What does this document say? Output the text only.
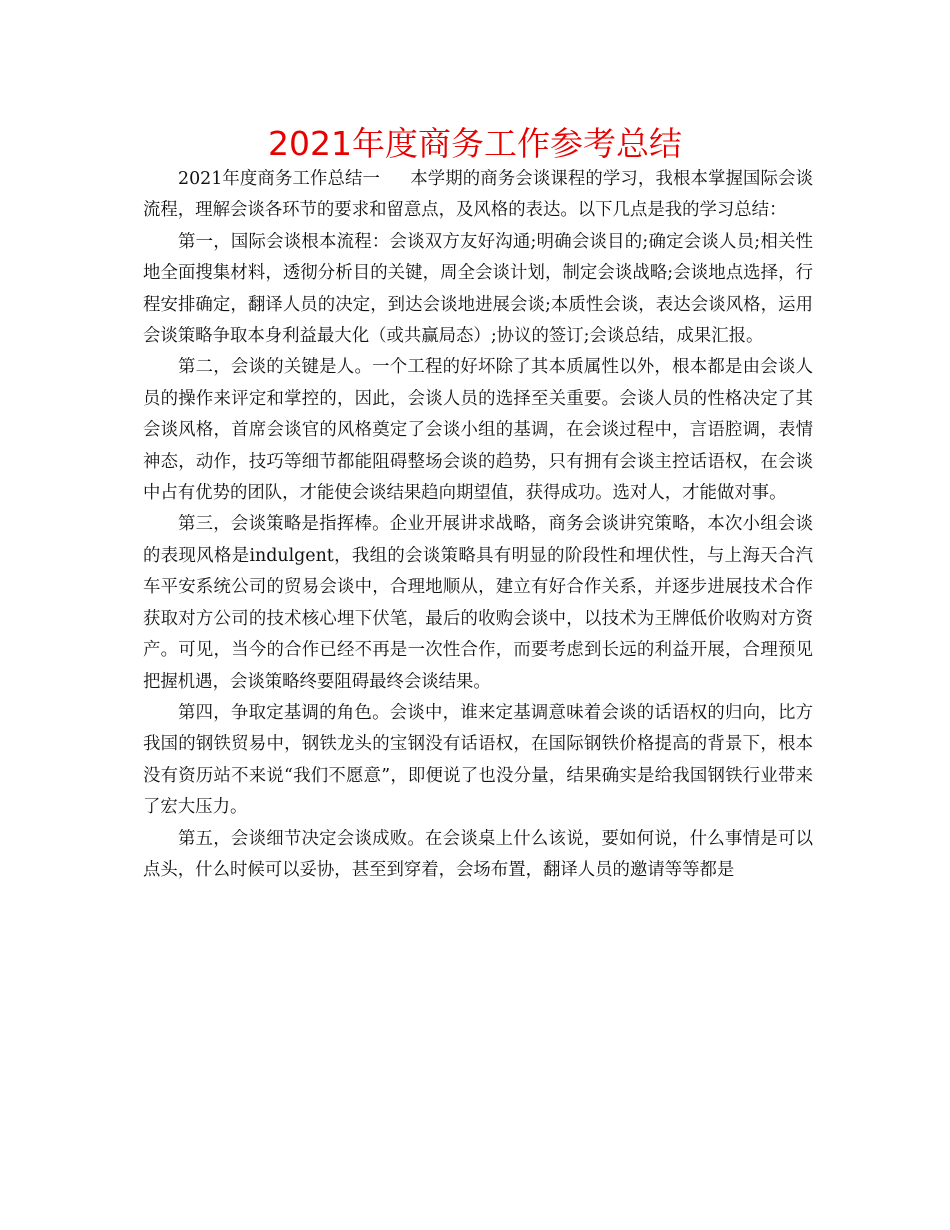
2021年度商务工作参考总结

2021年度商务工作总结一 本学期的商务会谈课程的学习，我根本掌握国际会谈流程，理解会谈各环节的要求和留意点，及风格的表达。以下几点是我的学习总结：

第一，国际会谈根本流程：会谈双方友好沟通;明确会谈目的;确定会谈人员;相关性地全面搜集材料，透彻分析目的关键，周全会谈计划，制定会谈战略;会谈地点选择，行程安排确定，翻译人员的决定，到达会谈地进展会谈;本质性会谈，表达会谈风格，运用会谈策略争取本身利益最大化（或共赢局态）;协议的签订;会谈总结，成果汇报。

第二，会谈的关键是人。一个工程的好坏除了其本质属性以外，根本都是由会谈人员的操作来评定和掌控的，因此，会谈人员的选择至关重要。会谈人员的性格决定了其会谈风格，首席会谈官的风格奠定了会谈小组的基调，在会谈过程中，言语腔调，表情神态，动作，技巧等细节都能阻碍整场会谈的趋势，只有拥有会谈主控话语权，在会谈中占有优势的团队，才能使会谈结果趋向期望值，获得成功。选对人，才能做对事。

第三，会谈策略是指挥棒。企业开展讲求战略，商务会谈讲究策略，本次小组会谈的表现风格是indulgent，我组的会谈策略具有明显的阶段性和埋伏性，与上海天合汽车平安系统公司的贸易会谈中，合理地顺从，建立有好合作关系，并逐步进展技术合作获取对方公司的技术核心埋下伏笔，最后的收购会谈中，以技术为王牌低价收购对方资产。可见，当今的合作已经不再是一次性合作，而要考虑到长远的利益开展，合理预见把握机遇，会谈策略终要阻碍最终会谈结果。

第四，争取定基调的角色。会谈中，谁来定基调意味着会谈的话语权的归向，比方我国的钢铁贸易中，钢铁龙头的宝钢没有话语权，在国际钢铁价格提高的背景下，根本没有资历站不来说“我们不愿意”，即便说了也没分量，结果确实是给我国钢铁行业带来了宏大压力。

第五，会谈细节决定会谈成败。在会谈桌上什么该说，要如何说，什么事情是可以点头，什么时候可以妥协，甚至到穿着，会场布置，翻译人员的邀请等等都是
